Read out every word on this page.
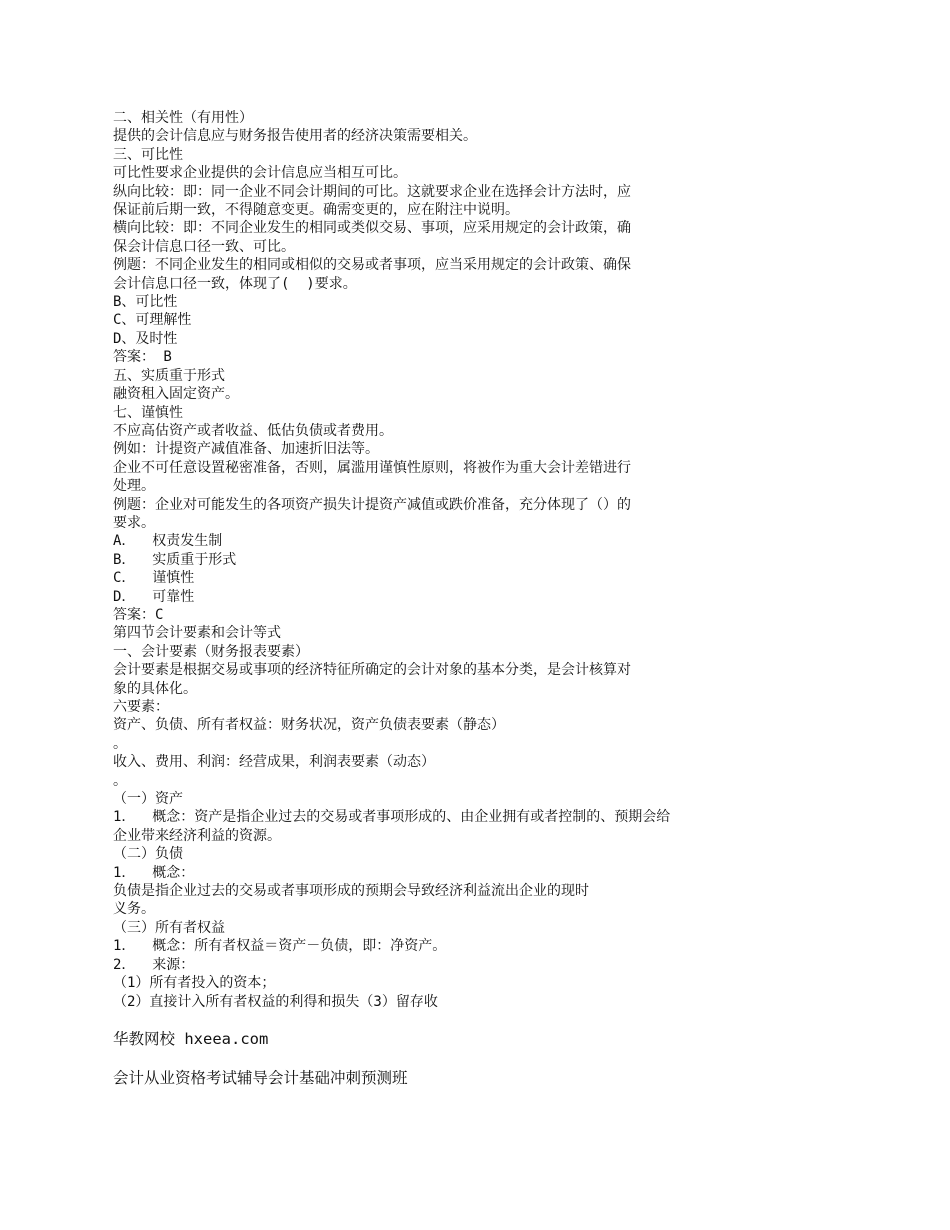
二、相关性（有用性）
提供的会计信息应与财务报告使用者的经济决策需要相关。
三、可比性
可比性要求企业提供的会计信息应当相互可比。
纵向比较：即：同一企业不同会计期间的可比。这就要求企业在选择会计方法时，应
保证前后期一致，不得随意变更。确需变更的，应在附注中说明。
横向比较：即：不同企业发生的相同或类似交易、事项，应采用规定的会计政策，确
保会计信息口径一致、可比。
例题：不同企业发生的相同或相似的交易或者事项，应当采用规定的会计政策、确保
会计信息口径一致，体现了(  )要求。
B、可比性
C、可理解性
D、及时性
答案： B
五、实质重于形式
融资租入固定资产。
七、谨慎性
不应高估资产或者收益、低估负债或者费用。
例如：计提资产减值准备、加速折旧法等。
企业不可任意设置秘密准备，否则，属滥用谨慎性原则，将被作为重大会计差错进行
处理。
例题：企业对可能发生的各项资产损失计提资产减值或跌价准备，充分体现了（）的
要求。
A．  权责发生制
B．  实质重于形式
C．  谨慎性
D．  可靠性
答案：C
第四节会计要素和会计等式
一、会计要素（财务报表要素）
会计要素是根据交易或事项的经济特征所确定的会计对象的基本分类，是会计核算对
象的具体化。
六要素：
资产、负债、所有者权益：财务状况，资产负债表要素（静态）
。
收入、费用、利润：经营成果，利润表要素（动态）
。
（一）资产
1．  概念：资产是指企业过去的交易或者事项形成的、由企业拥有或者控制的、预期会给
企业带来经济利益的资源。
（二）负债
1．  概念：
负债是指企业过去的交易或者事项形成的预期会导致经济利益流出企业的现时
义务。
（三）所有者权益
1．  概念：所有者权益＝资产－负债，即：净资产。
2．  来源：
（1）所有者投入的资本；
（2）直接计入所有者权益的利得和损失（3）留存收
华教网校 hxeea.com
会计从业资格考试辅导会计基础冲刺预测班
